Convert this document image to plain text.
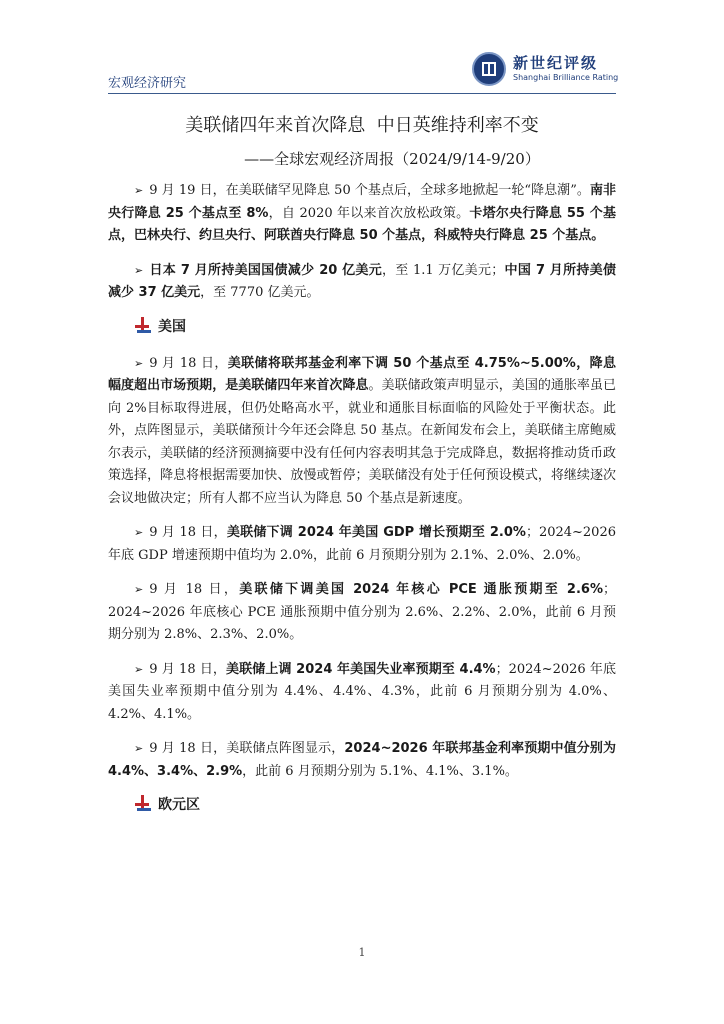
宏观经济研究
新世纪评级
Shanghai Brilliance Rating
美联储四年来首次降息  中日英维持利率不变
——全球宏观经济周报（2024/9/14-9/20）

➢ 9 月 19 日，在美联储罕见降息 50 个基点后，全球多地掀起一轮“降息潮”。南非央行降息 25 个基点至 8%，自 2020 年以来首次放松政策。卡塔尔央行降息 55 个基点，巴林央行、约旦央行、阿联酋央行降息 50 个基点，科威特央行降息 25 个基点。

➢ 日本 7 月所持美国国债减少 20 亿美元，至 1.1 万亿美元；中国 7 月所持美债减少 37 亿美元，至 7770 亿美元。

美国

➢ 9 月 18 日，美联储将联邦基金利率下调 50 个基点至 4.75%~5.00%，降息幅度超出市场预期，是美联储四年来首次降息。美联储政策声明显示，美国的通胀率虽已向 2%目标取得进展，但仍处略高水平，就业和通胀目标面临的风险处于平衡状态。此外，点阵图显示，美联储预计今年还会降息 50 基点。在新闻发布会上，美联储主席鲍威尔表示，美联储的经济预测摘要中没有任何内容表明其急于完成降息，数据将推动货币政策选择，降息将根据需要加快、放慢或暂停；美联储没有处于任何预设模式，将继续逐次会议地做决定；所有人都不应当认为降息 50 个基点是新速度。

➢ 9 月 18 日，美联储下调 2024 年美国 GDP 增长预期至 2.0%；2024~2026 年底 GDP 增速预期中值均为 2.0%，此前 6 月预期分别为 2.1%、2.0%、2.0%。

➢ 9 月 18 日，美联储下调美国 2024 年核心 PCE 通胀预期至 2.6%；2024~2026 年底核心 PCE 通胀预期中值分别为 2.6%、2.2%、2.0%，此前 6 月预期分别为 2.8%、2.3%、2.0%。

➢ 9 月 18 日，美联储上调 2024 年美国失业率预期至 4.4%；2024~2026 年底美国失业率预期中值分别为 4.4%、4.4%、4.3%，此前 6 月预期分别为 4.0%、4.2%、4.1%。

➢ 9 月 18 日，美联储点阵图显示，2024~2026 年联邦基金利率预期中值分别为 4.4%、3.4%、2.9%，此前 6 月预期分别为 5.1%、4.1%、3.1%。

欧元区
1
